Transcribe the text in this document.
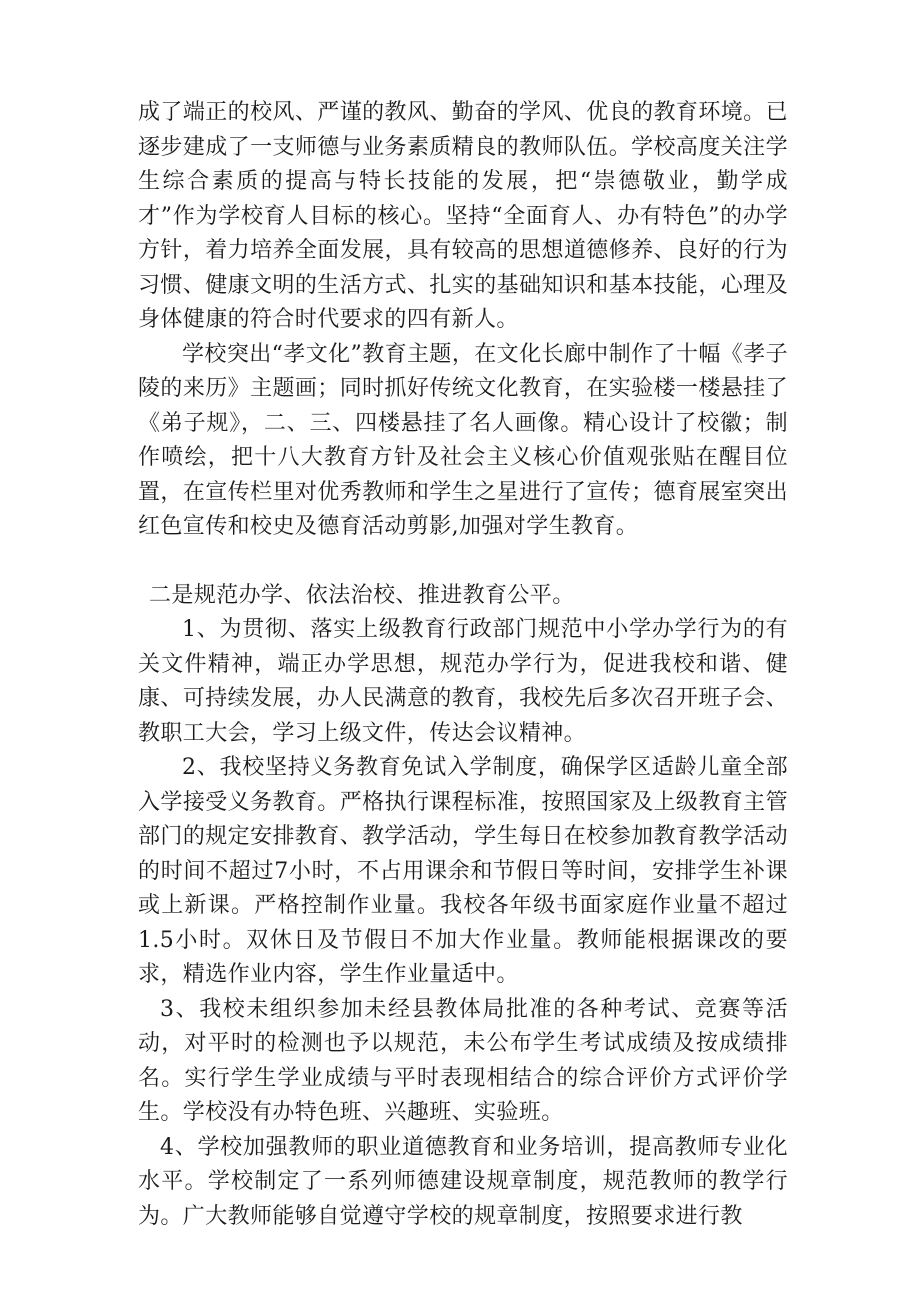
成了端正的校风、严谨的教风、勤奋的学风、优良的教育环境。已逐步建成了一支师德与业务素质精良的教师队伍。学校高度关注学生综合素质的提高与特长技能的发展，把“崇德敬业，勤学成才”作为学校育人目标的核心。坚持“全面育人、办有特色”的办学方针，着力培养全面发展，具有较高的思想道德修养、良好的行为习惯、健康文明的生活方式、扎实的基础知识和基本技能，心理及身体健康的符合时代要求的四有新人。

学校突出“孝文化”教育主题，在文化长廊中制作了十幅《孝子陵的来历》主题画；同时抓好传统文化教育，在实验楼一楼悬挂了《弟子规》，二、三、四楼悬挂了名人画像。精心设计了校徽；制作喷绘，把十八大教育方针及社会主义核心价值观张贴在醒目位置，在宣传栏里对优秀教师和学生之星进行了宣传；德育展室突出红色宣传和校史及德育活动剪影,加强对学生教育。

二是规范办学、依法治校、推进教育公平。

1、为贯彻、落实上级教育行政部门规范中小学办学行为的有关文件精神，端正办学思想，规范办学行为，促进我校和谐、健康、可持续发展，办人民满意的教育，我校先后多次召开班子会、教职工大会，学习上级文件，传达会议精神。

2、我校坚持义务教育免试入学制度，确保学区适龄儿童全部入学接受义务教育。严格执行课程标准，按照国家及上级教育主管部门的规定安排教育、教学活动，学生每日在校参加教育教学活动的时间不超过7小时，不占用课余和节假日等时间，安排学生补课或上新课。严格控制作业量。我校各年级书面家庭作业量不超过1.5小时。双休日及节假日不加大作业量。教师能根据课改的要求，精选作业内容，学生作业量适中。

3、我校未组织参加未经县教体局批准的各种考试、竞赛等活动，对平时的检测也予以规范，未公布学生考试成绩及按成绩排名。实行学生学业成绩与平时表现相结合的综合评价方式评价学生。学校没有办特色班、兴趣班、实验班。

4、学校加强教师的职业道德教育和业务培训，提高教师专业化水平。学校制定了一系列师德建设规章制度，规范教师的教学行为。广大教师能够自觉遵守学校的规章制度，按照要求进行教
